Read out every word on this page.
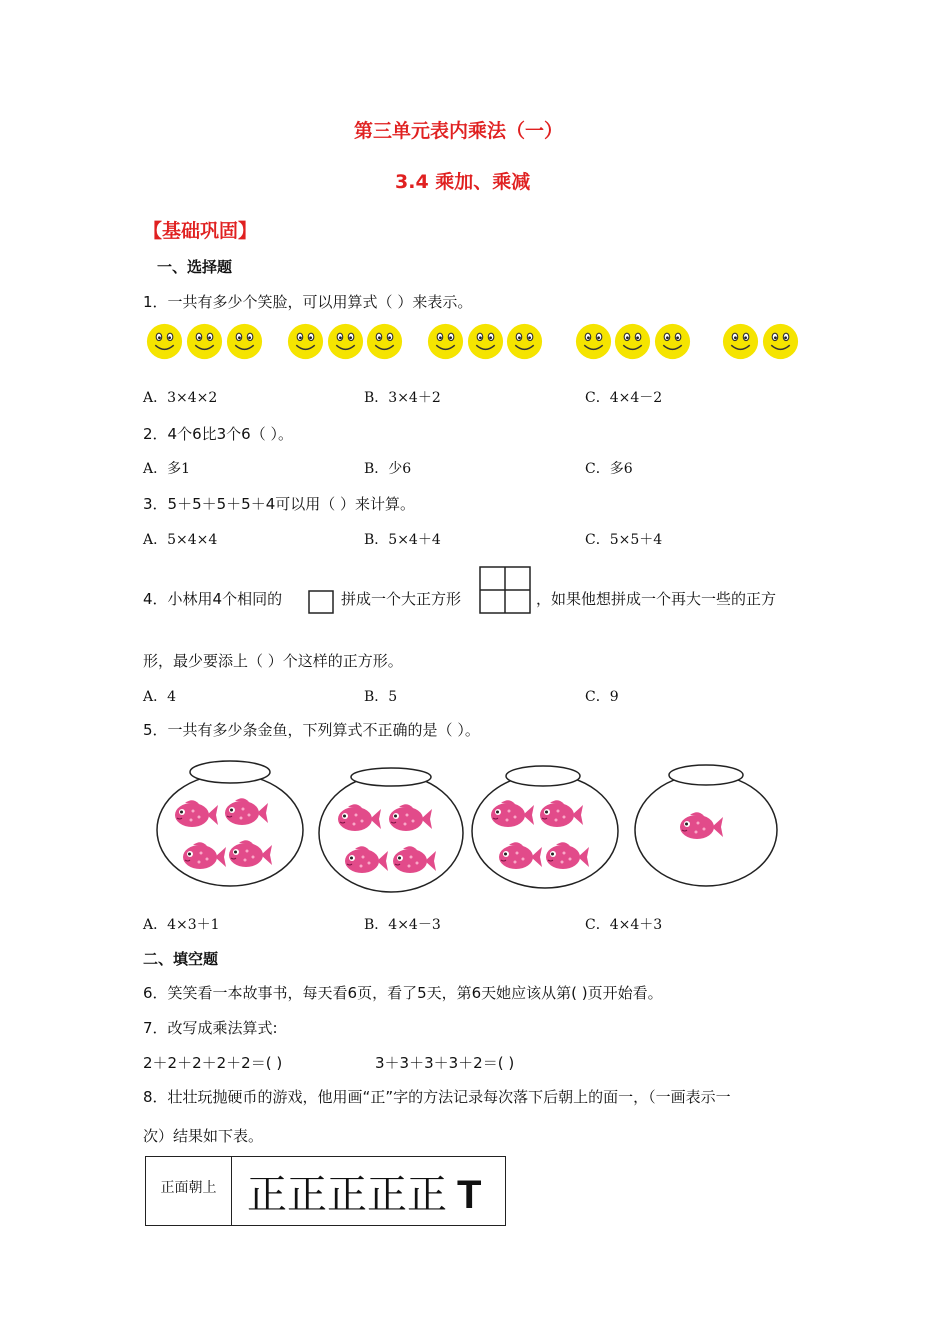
第三单元表内乘法（一）
3.4 乘加、乘减
【基础巩固】
一、选择题
1．一共有多少个笑脸，可以用算式（ ）来表示。
A．3×4×2	B．3×4＋2	C．4×4－2
2．4个6比3个6（ ）。
A．多1	B．少6	C．多6
3．5＋5＋5＋5＋4可以用（ ）来计算。
A．5×4×4	B．5×4＋4	C．5×5＋4
4．小林用4个相同的	拼成一个大正方形	，如果他想拼成一个再大一些的正方
形，最少要添上（ ）个这样的正方形。
A．4	B．5	C．9
5．一共有多少条金鱼，下列算式不正确的是（ ）。
A．4×3＋1	B．4×4－3	C．4×4＋3
二、填空题
6．笑笑看一本故事书，每天看6页，看了5天，第6天她应该从第( )页开始看。
7．改写成乘法算式:
2＋2＋2＋2＋2＝( )	3＋3＋3＋3＋2＝( )
8．壮壮玩抛硬币的游戏，他用画“正”字的方法记录每次落下后朝上的面一，（一画表示一
次）结果如下表。
正面朝上	正正正正正 T
